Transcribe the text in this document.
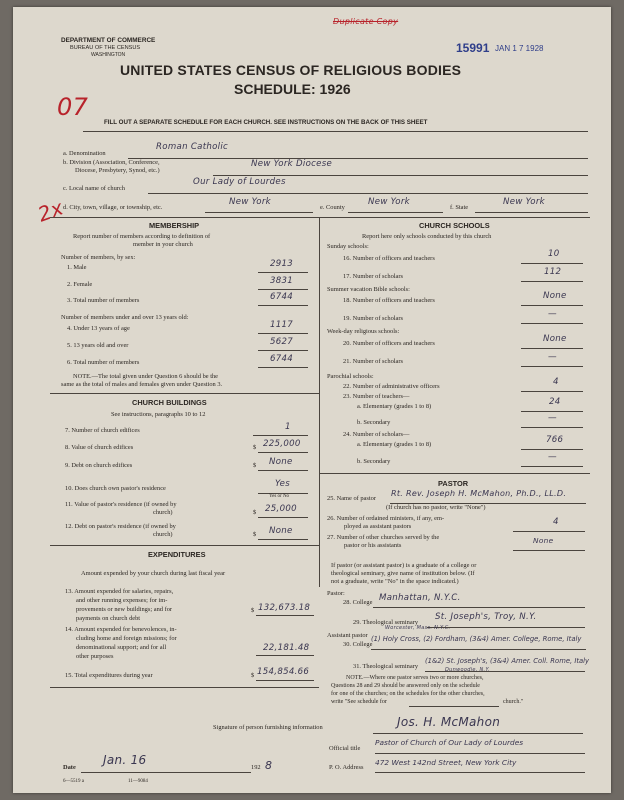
DEPARTMENT OF COMMERCE
BUREAU OF THE CENSUS
WASHINGTON
Duplicate Copy
15991 JAN 1 7 1928
UNITED STATES CENSUS OF RELIGIOUS BODIES
SCHEDULE: 1926
07
2x
FILL OUT A SEPARATE SCHEDULE FOR EACH CHURCH. SEE INSTRUCTIONS ON THE BACK OF THIS SHEET
a. Denomination
Roman Catholic
b. Division (Association, Conference,
Diocese, Presbytery, Synod, etc.)
New York Diocese
c. Local name of church
Our Lady of Lourdes
d. City, town, village, or township, etc.
New York
e. County
New York
f. State
New York
MEMBERSHIP
Report number of members according to definition of
member in your church
Number of members, by sex:
1. Male	2913
2. Female	3831
3. Total number of members	6744
Number of members under and over 13 years old:
4. Under 13 years of age	1117
5. 13 years old and over	5627
6. Total number of members	6744
NOTE.—The total given under Question 6 should be the
same as the total of males and females given under Question 3.
CHURCH BUILDINGS
See instructions, paragraphs 10 to 12
7. Number of church edifices	1
8. Value of church edifices	$ 225,000
9. Debt on church edifices	$ None
10. Does church own pastor's residence	Yes
Yes or No
11. Value of pastor's residence (if owned by
church)	$ 25,000
12. Debt on pastor's residence (if owned by
church)	$ None
EXPENDITURES
Amount expended by your church during last fiscal year
13. Amount expended for salaries, repairs,
and other running expenses; for im-
provements or new buildings; and for
payments on church debt
$ 132,673.18
14. Amount expended for benevolences, in-
cluding home and foreign missions; for
denominational support; and for all
other purposes
22,181.48
15. Total expenditures during year	$ 154,854.66
CHURCH SCHOOLS
Report here only schools conducted by this church
Sunday schools:
16. Number of officers and teachers	10
17. Number of scholars	112
Summer vacation Bible schools:
18. Number of officers and teachers	None
19. Number of scholars	—
Week-day religious schools:
20. Number of officers and teachers	None
21. Number of scholars	—
Parochial schools:
22. Number of administrative officers	4
23. Number of teachers—
a. Elementary (grades 1 to 8)	24
b. Secondary	—
24. Number of scholars—
a. Elementary (grades 1 to 8)	766
b. Secondary	—
PASTOR
25. Name of pastor
Rt. Rev. Joseph H. McMahon, Ph.D., LL.D.
(If church has no pastor, write "None")
26. Number of ordained ministers, if any, em-
ployed as assistant pastors	4
27. Number of other churches served by the
pastor or his assistants
None
If pastor (or assistant pastor) is a graduate of a college or
theological seminary, give name of institution below. (If
not a graduate, write "No" in the space indicated.)
Pastor:
28. College Manhattan, N.Y.C.
29. Theological seminary
St. Joseph's, Troy, N.Y.
Assistant pastor
Worcester, Mass. N.Y.C.
30. College
(1) Holy Cross, (2) Fordham, (3&4) Amer. College, Rome, Italy
31. Theological seminary
(1&2) St. Joseph's, (3&4) Amer. Coll. Rome, Italy
Dunwoodie, N.Y.
NOTE.—Where one pastor serves two or more churches,
Questions 28 and 29 should be answered only on the schedule
for one of the churches; on the schedules for the other churches,
write "See schedule for	church."
Signature of person furnishing information	Jos. H. McMahon
Official title
Pastor of Church of Our Lady of Lourdes
Date
Jan. 16
192 8	P. O. Address
472 West 142nd Street, New York City
6—5519 a	11—9084
